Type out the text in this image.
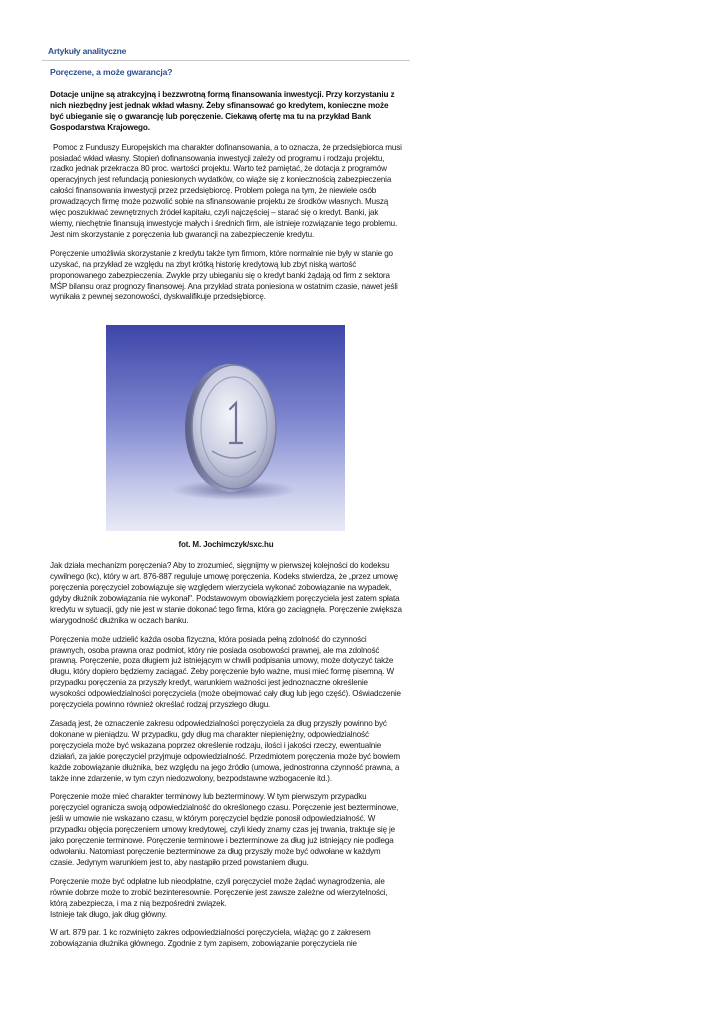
Artykuły analityczne
Poręczene, a może gwarancja?
Dotacje unijne są atrakcyjną i bezzwrotną formą finansowania inwestycji. Przy korzystaniu z nich niezbędny jest jednak wkład własny. Żeby sfinansować go kredytem, konieczne może być ubieganie się o gwarancję lub poręczenie. Ciekawą ofertę ma tu na przykład Bank Gospodarstwa Krajowego.

Pomoc z Funduszy Europejskich ma charakter dofinansowania, a to oznacza, że przedsiębiorca musi posiadać wkład własny. Stopień dofinansowania inwestycji zależy od programu i rodzaju projektu, rzadko jednak przekracza 80 proc. wartości projektu. Warto też pamiętać, że dotacja z programów operacyjnych jest refundacją poniesionych wydatków, co wiąże się z koniecznością zabezpieczenia całości finansowania inwestycji przez przedsiębiorcę. Problem polega na tym, że niewiele osób prowadzących firmę może pozwolić sobie na sfinansowanie projektu ze środków własnych. Muszą więc poszukiwać zewnętrznych źródeł kapitału, czyli najczęściej – starać się o kredyt. Banki, jak wiemy, niechętnie finansują inwestycje małych i średnich firm, ale istnieje rozwiązanie tego problemu. Jest nim skorzystanie z poręczenia lub gwarancji na zabezpieczenie kredytu.

Poręczenie umożliwia skorzystanie z kredytu także tym firmom, które normalnie nie były w stanie go uzyskać, na przykład ze względu na zbyt krótką historię kredytową lub zbyt niską wartość proponowanego zabezpieczenia. Zwykle przy ubieganiu się o kredyt banki żądają od firm z sektora MŚP bilansu oraz prognozy finansowej. Ana przykład strata poniesiona w ostatnim czasie, nawet jeśli wynikała z pewnej sezonowości, dyskwalifikuje przedsiębiorcę.

fot. M. Jochimczyk/sxc.hu

Jak działa mechanizm poręczenia? Aby to zrozumieć, sięgnijmy w pierwszej kolejności do kodeksu cywilnego (kc), który w art. 876-887 reguluje umowę poręczenia. Kodeks stwierdza, że „przez umowę poręczenia poręczyciel zobowiązuje się względem wierzyciela wykonać zobowiązanie na wypadek, gdyby dłużnik zobowiązania nie wykonał". Podstawowym obowiązkiem poręczyciela jest zatem spłata kredytu w sytuacji, gdy nie jest w stanie dokonać tego firma, która go zaciągnęła. Poręczenie zwiększa wiarygodność dłużnika w oczach banku.

Poręczenia może udzielić każda osoba fizyczna, która posiada pełną zdolność do czynności prawnych, osoba prawna oraz podmiot, który nie posiada osobowości prawnej, ale ma zdolność prawną. Poręczenie, poza długiem już istniejącym w chwili podpisania umowy, może dotyczyć także długu, który dopiero będziemy zaciągać. Żeby poręczenie było ważne, musi mieć formę pisemną. W przypadku poręczenia za przyszły kredyt, warunkiem ważności jest jednoznaczne określenie wysokości odpowiedzialności poręczyciela (może obejmować cały dług lub jego część). Oświadczenie poręczyciela powinno również określać rodzaj przyszłego długu.

Zasadą jest, że oznaczenie zakresu odpowiedzialności poręczyciela za dług przyszły powinno być dokonane w pieniądzu. W przypadku, gdy dług ma charakter niepieniężny, odpowiedzialność poręczyciela może być wskazana poprzez określenie rodzaju, ilości i jakości rzeczy, ewentualnie działań, za jakie poręczyciel przyjmuje odpowiedzialność. Przedmiotem poręczenia może być bowiem każde zobowiązanie dłużnika, bez względu na jego źródło (umowa, jednostronna czynność prawna, a także inne zdarzenie, w tym czyn niedozwolony, bezpodstawne wzbogacenie itd.).

Poręczenie może mieć charakter terminowy lub bezterminowy. W tym pierwszym przypadku poręczyciel ogranicza swoją odpowiedzialność do określonego czasu. Poręczenie jest bezterminowe, jeśli w umowie nie wskazano czasu, w którym poręczyciel będzie ponosił odpowiedzialność. W przypadku objęcia poręczeniem umowy kredytowej, czyli kiedy znamy czas jej trwania, traktuje się je jako poręczenie terminowe. Poręczenie terminowe i bezterminowe za dług już istniejący nie podlega odwołaniu. Natomiast poręczenie bezterminowe za dług przyszły może być odwołane w każdym czasie. Jedynym warunkiem jest to, aby nastąpiło przed powstaniem długu.

Poręczenie może być odpłatne lub nieodpłatne, czyli poręczyciel może żądać wynagrodzenia, ale równie dobrze może to zrobić bezinteresownie. Poręczenie jest zawsze zależne od wierzytelności, którą zabezpiecza, i ma z nią bezpośredni związek.
Istnieje tak długo, jak dług główny.

W art. 879 par. 1 kc rozwinięto zakres odpowiedzialności poręczyciela, wiążąc go z zakresem zobowiązania dłużnika głównego. Zgodnie z tym zapisem, zobowiązanie poręczyciela nie
